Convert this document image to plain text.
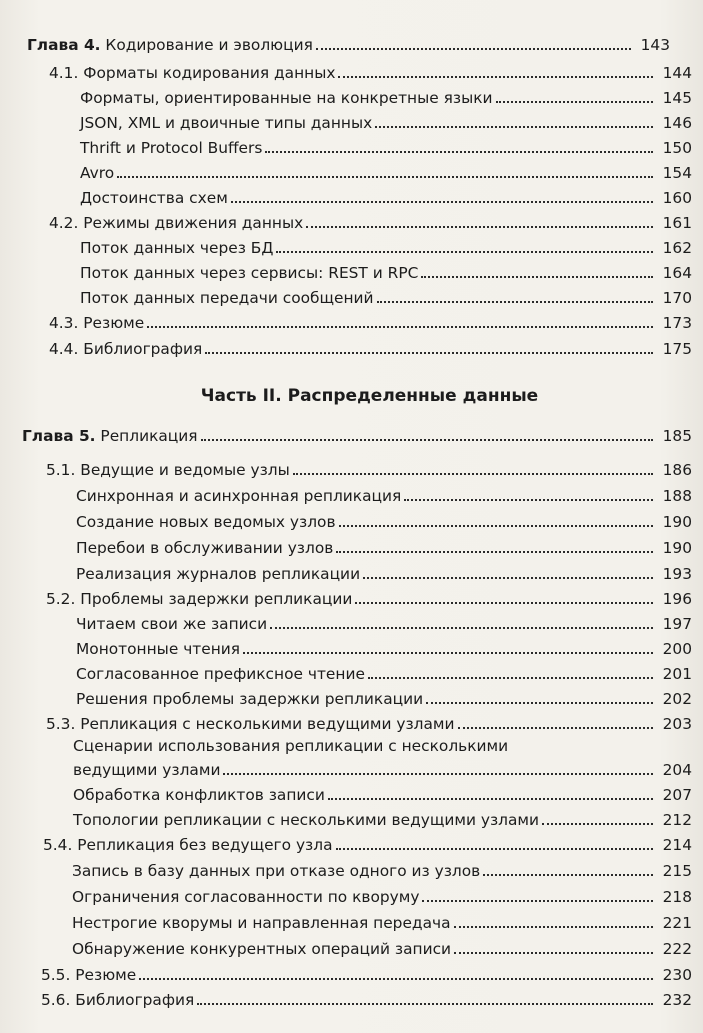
Глава 4. Кодирование и эволюция	143
4.1. Форматы кодирования данных	144
Форматы, ориентированные на конкретные языки	145
JSON, XML и двоичные типы данных	146
Thrift и Protocol Buffers	150
Avro	154
Достоинства схем	160
4.2. Режимы движения данных	161
Поток данных через БД	162
Поток данных через сервисы: REST и RPC	164
Поток данных передачи сообщений	170
4.3. Резюме	173
4.4. Библиография	175
Часть II. Распределенные данные
Глава 5. Репликация	185
5.1. Ведущие и ведомые узлы	186
Синхронная и асинхронная репликация	188
Создание новых ведомых узлов	190
Перебои в обслуживании узлов	190
Реализация журналов репликации	193
5.2. Проблемы задержки репликации	196
Читаем свои же записи	197
Монотонные чтения	200
Согласованное префиксное чтение	201
Решения проблемы задержки репликации	202
5.3. Репликация с несколькими ведущими узлами	203
Сценарии использования репликации с несколькими
ведущими узлами	204
Обработка конфликтов записи	207
Топологии репликации с несколькими ведущими узлами	212
5.4. Репликация без ведущего узла	214
Запись в базу данных при отказе одного из узлов	215
Ограничения согласованности по кворуму	218
Нестрогие кворумы и направленная передача	221
Обнаружение конкурентных операций записи	222
5.5. Резюме	230
5.6. Библиография	232
